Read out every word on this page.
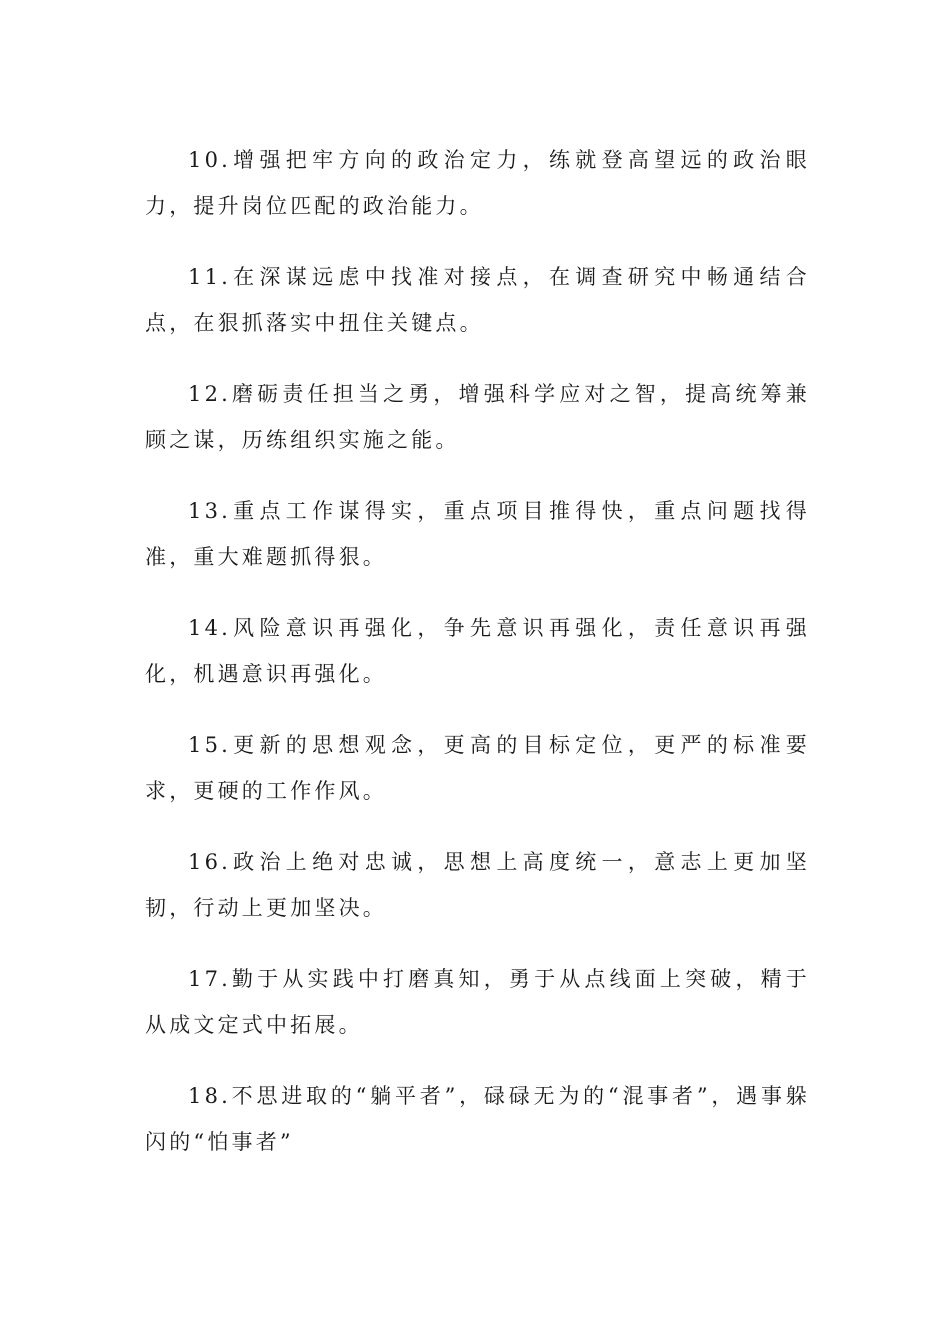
10.增强把牢方向的政治定力，练就登高望远的政治眼力，提升岗位匹配的政治能力。

11.在深谋远虑中找准对接点，在调查研究中畅通结合点，在狠抓落实中扭住关键点。

12.磨砺责任担当之勇，增强科学应对之智，提高统筹兼顾之谋，历练组织实施之能。

13.重点工作谋得实，重点项目推得快，重点问题找得准，重大难题抓得狠。

14.风险意识再强化，争先意识再强化，责任意识再强化，机遇意识再强化。

15.更新的思想观念，更高的目标定位，更严的标准要求，更硬的工作作风。

16.政治上绝对忠诚，思想上高度统一，意志上更加坚韧，行动上更加坚决。

17.勤于从实践中打磨真知，勇于从点线面上突破，精于从成文定式中拓展。

18.不思进取的“躺平者”，碌碌无为的“混事者”，遇事躲闪的“怕事者”
